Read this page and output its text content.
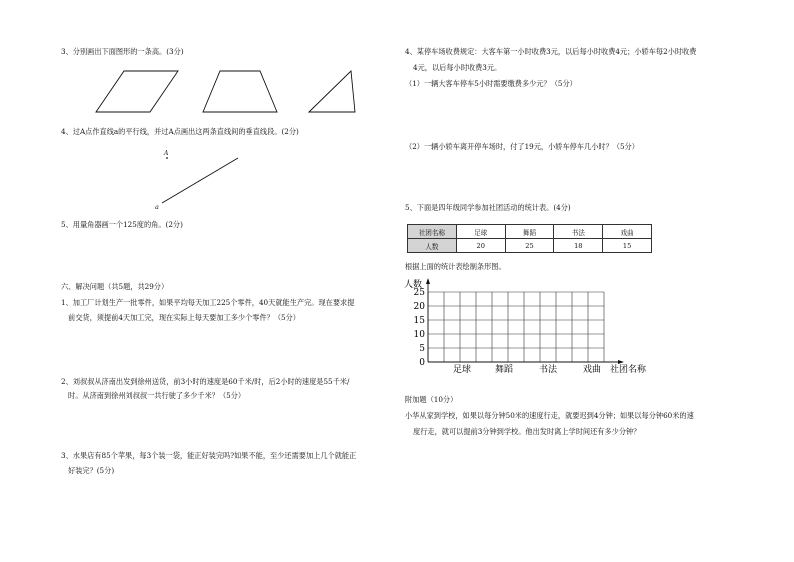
3、分别画出下面图形的一条高。(3分)
4、过A点作直线a的平行线，并过A点画出这两条直线间的垂直线段。(2分)
A
a
5、用量角器画一个125度的角。(2分)
六、解决问题（共5题，共29分）
1、加工厂计划生产一批零件，如果平均每天加工225个零件，40天就能生产完。现在要求提
前交货，须提前4天加工完，现在实际上每天要加工多少个零件？（5分）
2、刘叔叔从济南出发到徐州送货，前3小时的速度是60千米/时，后2小时的速度是55千米/
时。从济南到徐州刘叔叔一共行驶了多少千米？（5分）
3、水果店有85个苹果，每3个装一袋，能正好装完吗?如果不能，至少还需要加上几个就能正
好装完？(5分)
4、某停车场收费规定：大客车第一小时收费3元，以后每小时收费4元；小轿车每2小时收费
4元，以后每小时收费3元。
（1）一辆大客车停车5小时需要缴费多少元？（5分）
（2）一辆小轿车离开停车场时，付了19元，小轿车停车几小时？（5分）
5、下面是四年级同学参加社团活动的统计表。(4分)
社团名称	足球	舞蹈	书法	戏曲
人数	20	25	18	15
根据上面的统计表绘制条形图。
0
5
10
15
20
25
足球	舞蹈	书法	戏曲
人数
社团名称
附加题（10分）
小华从家到学校，如果以每分钟50米的速度行走，就要迟到4分钟；如果以每分钟60米的速
度行走，就可以提前3分钟到学校。他出发时离上学时间还有多少分钟？
